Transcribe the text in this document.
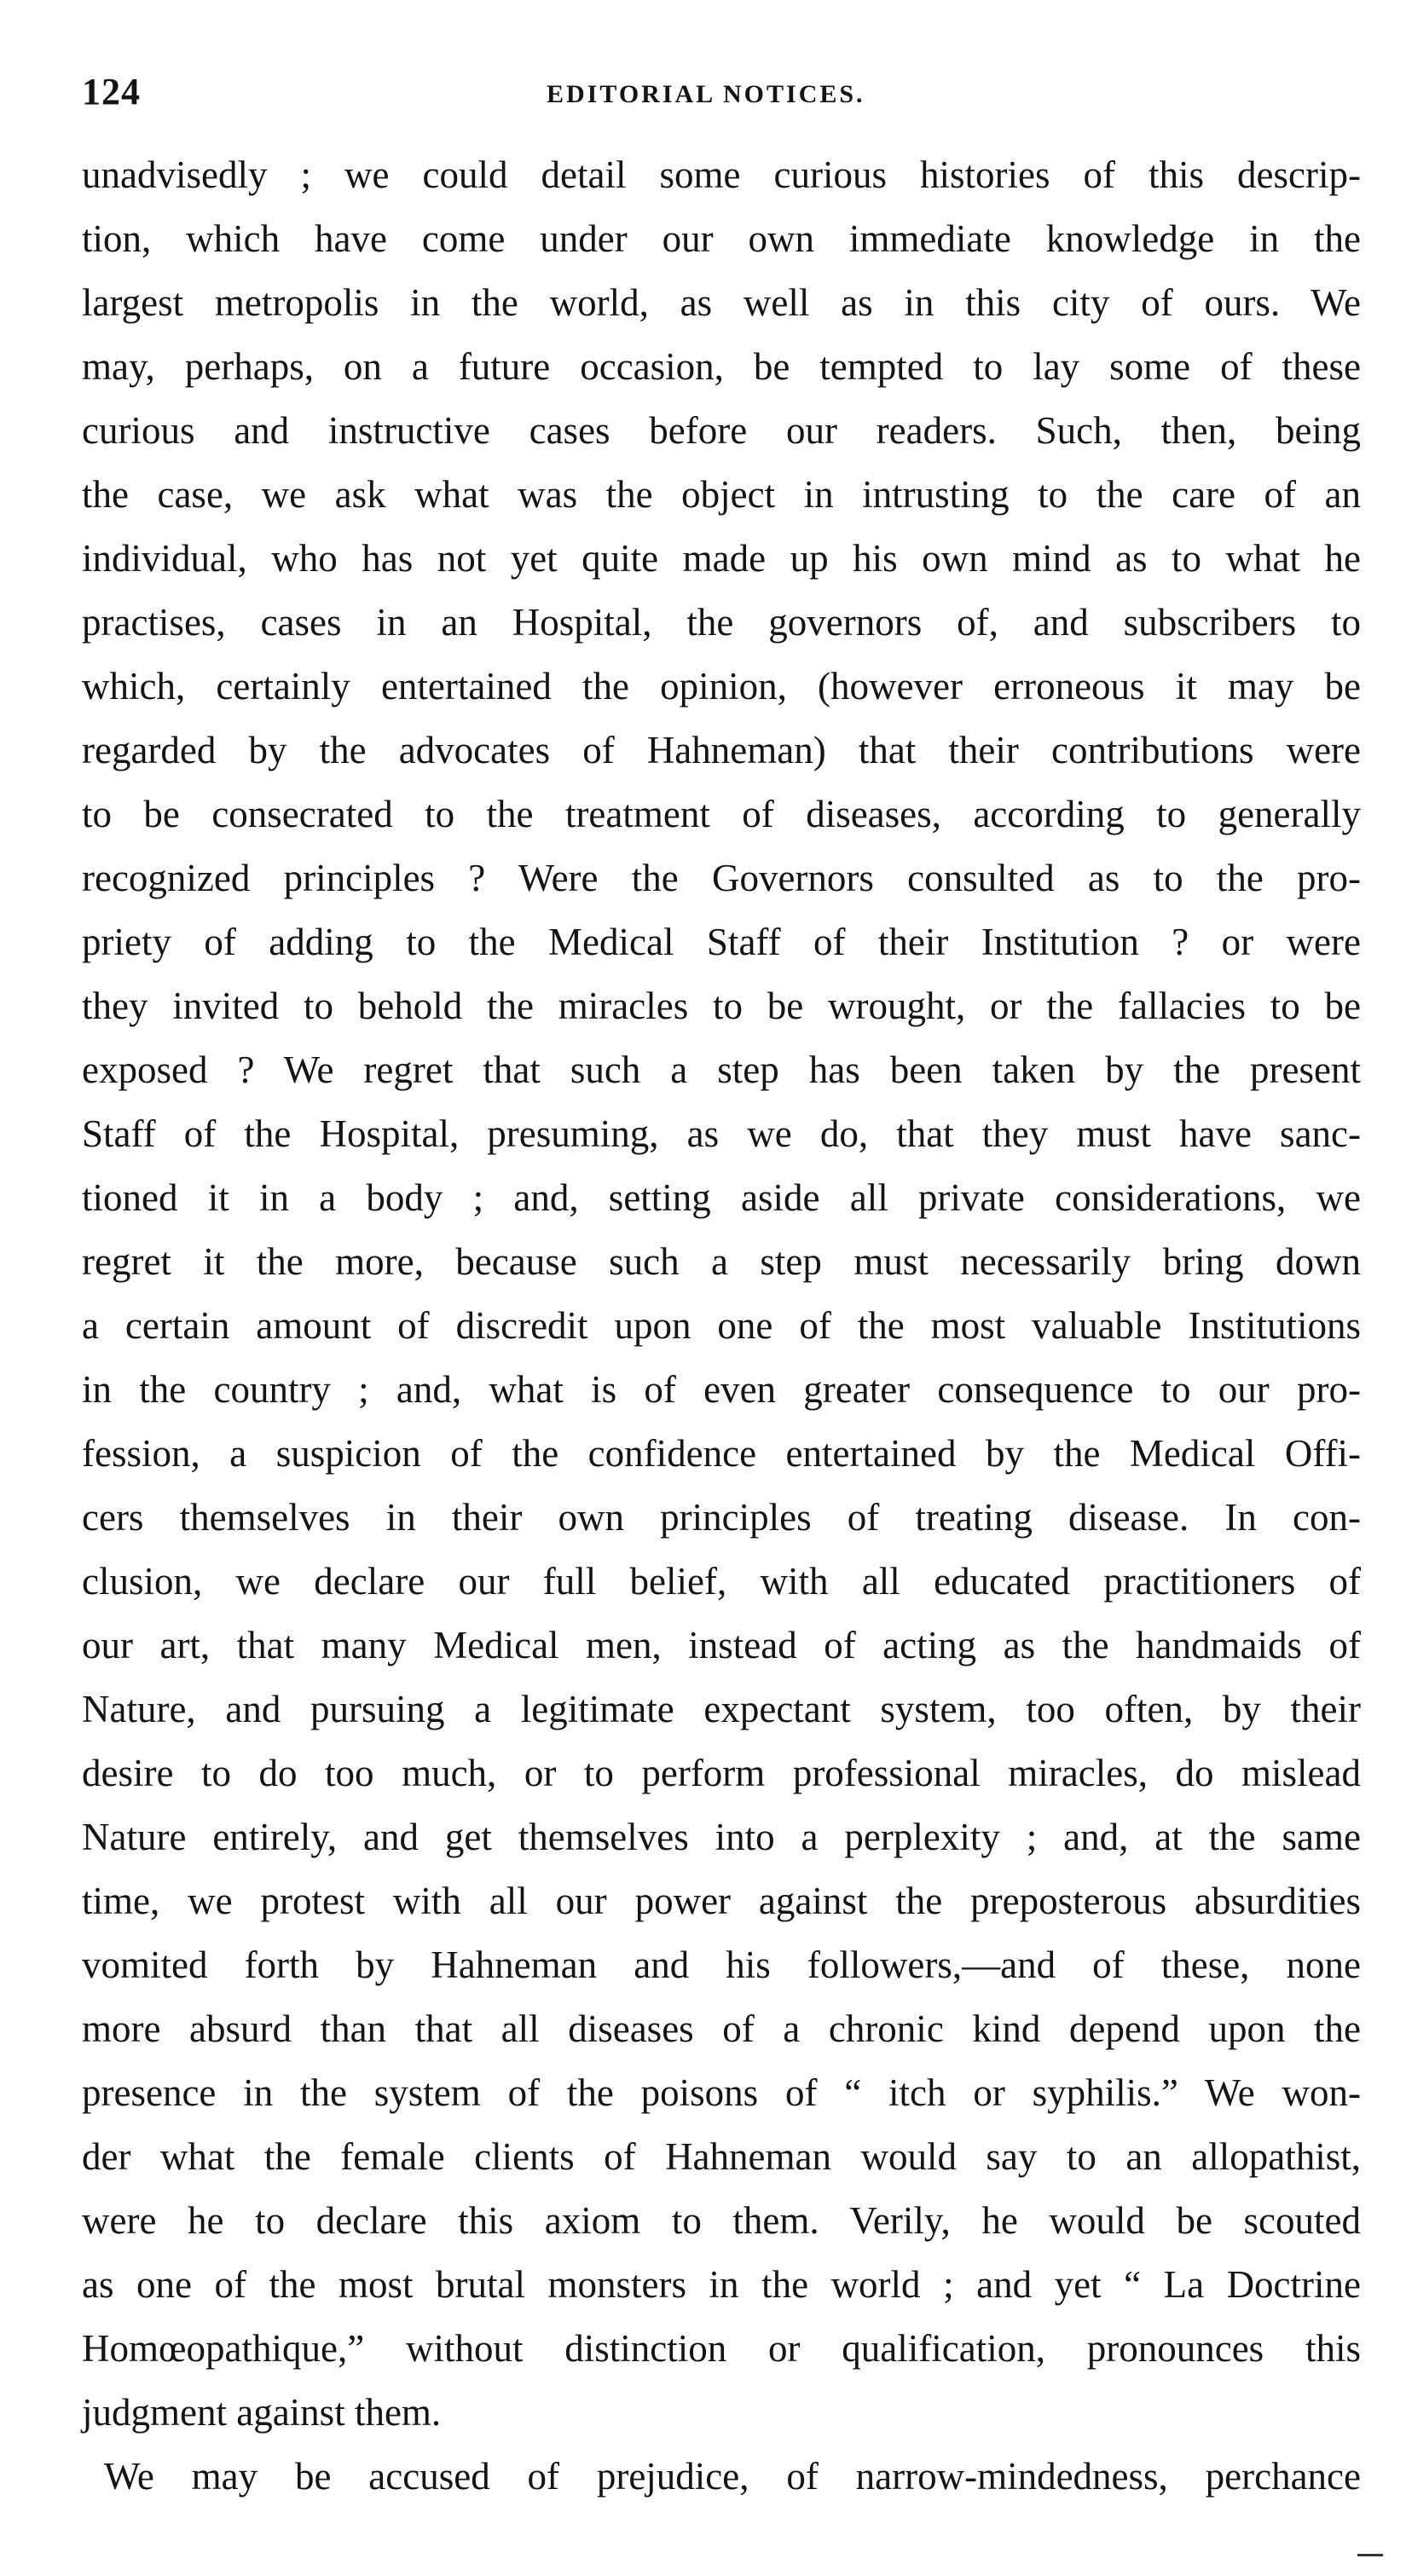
124	EDITORIAL NOTICES.
unadvisedly ; we could detail some curious histories of this descrip-
tion, which have come under our own immediate knowledge in the
largest metropolis in the world, as well as in this city of ours. We
may, perhaps, on a future occasion, be tempted to lay some of these
curious and instructive cases before our readers. Such, then, being
the case, we ask what was the object in intrusting to the care of an
individual, who has not yet quite made up his own mind as to what he
practises, cases in an Hospital, the governors of, and subscribers to
which, certainly entertained the opinion, (however erroneous it may be
regarded by the advocates of Hahneman) that their contributions were
to be consecrated to the treatment of diseases, according to generally
recognized principles ? Were the Governors consulted as to the pro-
priety of adding to the Medical Staff of their Institution ? or were
they invited to behold the miracles to be wrought, or the fallacies to be
exposed ? We regret that such a step has been taken by the present
Staff of the Hospital, presuming, as we do, that they must have sanc-
tioned it in a body ; and, setting aside all private considerations, we
regret it the more, because such a step must necessarily bring down
a certain amount of discredit upon one of the most valuable Institutions
in the country ; and, what is of even greater consequence to our pro-
fession, a suspicion of the confidence entertained by the Medical Offi-
cers themselves in their own principles of treating disease. In con-
clusion, we declare our full belief, with all educated practitioners of
our art, that many Medical men, instead of acting as the handmaids of
Nature, and pursuing a legitimate expectant system, too often, by their
desire to do too much, or to perform professional miracles, do mislead
Nature entirely, and get themselves into a perplexity ; and, at the same
time, we protest with all our power against the preposterous absurdities
vomited forth by Hahneman and his followers,—and of these, none
more absurd than that all diseases of a chronic kind depend upon the
presence in the system of the poisons of “ itch or syphilis.” We won-
der what the female clients of Hahneman would say to an allopathist,
were he to declare this axiom to them. Verily, he would be scouted
as one of the most brutal monsters in the world ; and yet “ La Doctrine
Homœopathique,” without distinction or qualification, pronounces this
judgment against them.
We may be accused of prejudice, of narrow-mindedness, perchance
